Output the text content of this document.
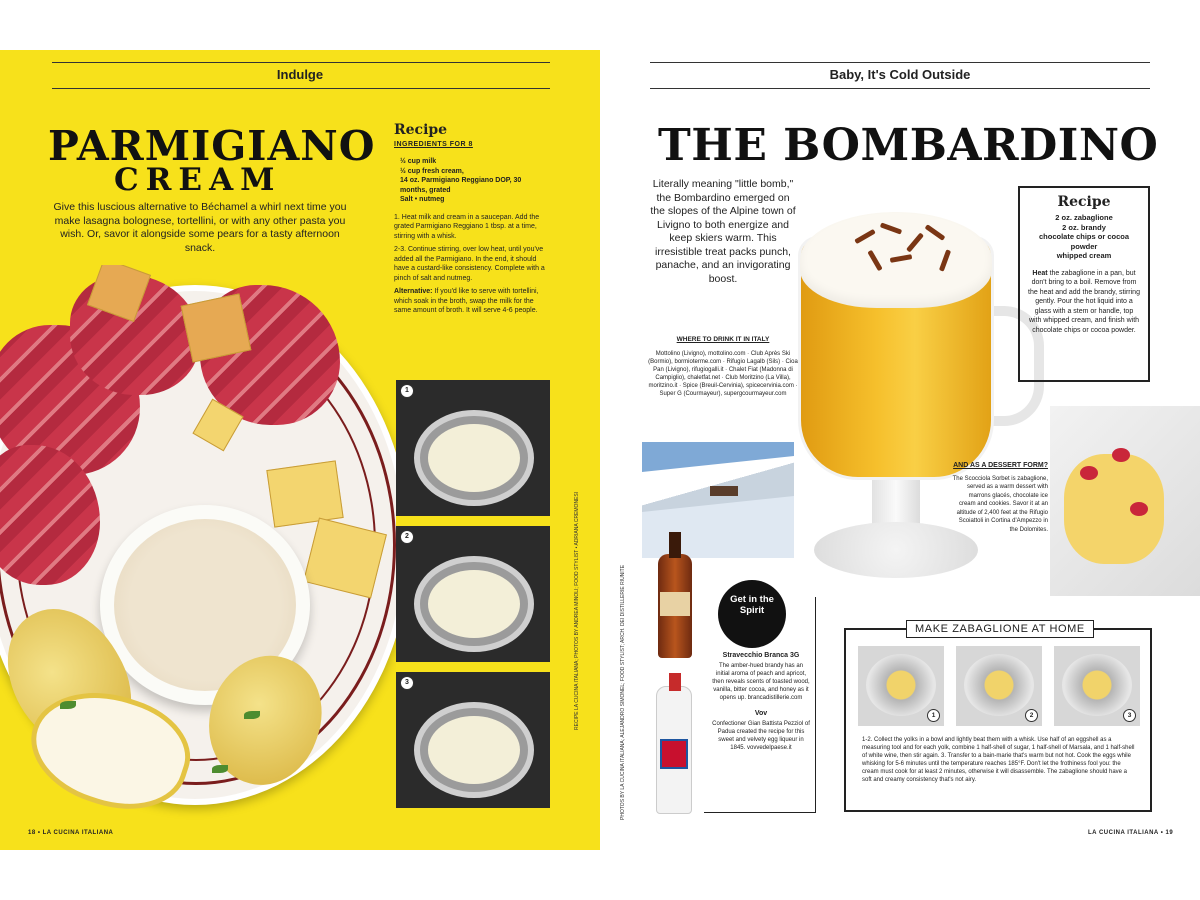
Indulge
PARMIGIANO
CREAM
Give this luscious alternative to Béchamel a whirl next time you make lasagna bolognese, tortellini, or with any other pasta you wish. Or, savor it alongside some pears for a tasty afternoon snack.
Recipe
INGREDIENTS FOR 8
½ cup milk
½ cup fresh cream,
14 oz. Parmigiano Reggiano DOP, 30 months, grated
Salt • nutmeg

1. Heat milk and cream in a saucepan. Add the grated Parmigiano Reggiano 1 tbsp. at a time, stirring with a whisk.

2-3. Continue stirring, over low heat, until you've added all the Parmigiano. In the end, it should have a custard-like consistency. Complete with a pinch of salt and nutmeg.

Alternative: If you'd like to serve with tortellini, which soak in the broth, swap the milk for the same amount of broth. It will serve 4-6 people.

1
2
3	RECIPE LA CUCINA ITALIANA; PHOTOS BY ANDREA MINOLI; FOOD STYLIST • ADRIANA CREMONESI
18 • LA CUCINA ITALIANA
Baby, It's Cold Outside
THE BOMBARDINO
Literally meaning "little bomb," the Bombardino emerged on the slopes of the Alpine town of Livigno to both energize and keep skiers warm. This irresistible treat packs punch, panache, and an invigorating boost.
WHERE TO DRINK IT IN ITALY
Mottolino (Livigno), mottolino.com · Club Après Ski (Bormio), bormioterme.com · Rifugio Lagalb (Sils) · Cioa Pan (Livigno), rifugiogalli.it · Chalet Fiat (Madonna di Campiglio), chaletfat.net · Club Moritzino (La Villa), moritzino.it · Spice (Breuil-Cervinia), spicecervinia.com · Super G (Courmayeur), supergcourmayeur.com
Recipe
2 oz. zabaglione
2 oz. brandy
chocolate chips or cocoa powder
whipped cream
Heat the zabaglione in a pan, but don't bring to a boil. Remove from the heat and add the brandy, stirring gently. Pour the hot liquid into a glass with a stem or handle, top with whipped cream, and finish with chocolate chips or cocoa powder.
AND AS A DESSERT FORM?
The Scocciola Sorbet is zabaglione, served as a warm dessert with marrons glacés, chocolate ice cream and cookies. Savor it at an altitude of 2,400 feet at the Rifugio Scoiattoli in Cortina d'Ampezzo in the Dolomites.
Get in the Spirit
Stravecchio Branca 3G
The amber-hued brandy has an initial aroma of peach and apricot, then reveals scents of toasted wood, vanilla, bitter cocoa, and honey as it opens up. brancadistillerie.com
Vov
Confectioner Gian Battista Pezziol of Padua created the recipe for this sweet and velvety egg liqueur in 1845. vovvedelpaese.it
PHOTOS BY LA CUCINA ITALIANA; ALEJANDRO SIMONEL; FOOD STYLIST; ARCH. DEI DISTILLERIE RIUNITE	MAKE ZABAGLIONE AT HOME
1	2	3
1-2. Collect the yolks in a bowl and lightly beat them with a whisk. Use half of an eggshell as a measuring tool and for each yolk, combine 1 half-shell of sugar, 1 half-shell of Marsala, and 1 half-shell of white wine, then stir again. 3. Transfer to a bain-marie that's warm but not hot. Cook the eggs while whisking for 5-6 minutes until the temperature reaches 185°F. Don't let the frothiness fool you: the cream must cook for at least 2 minutes, otherwise it will disassemble. The zabaglione should have a soft and creamy consistency that's not airy.
LA CUCINA ITALIANA • 19
